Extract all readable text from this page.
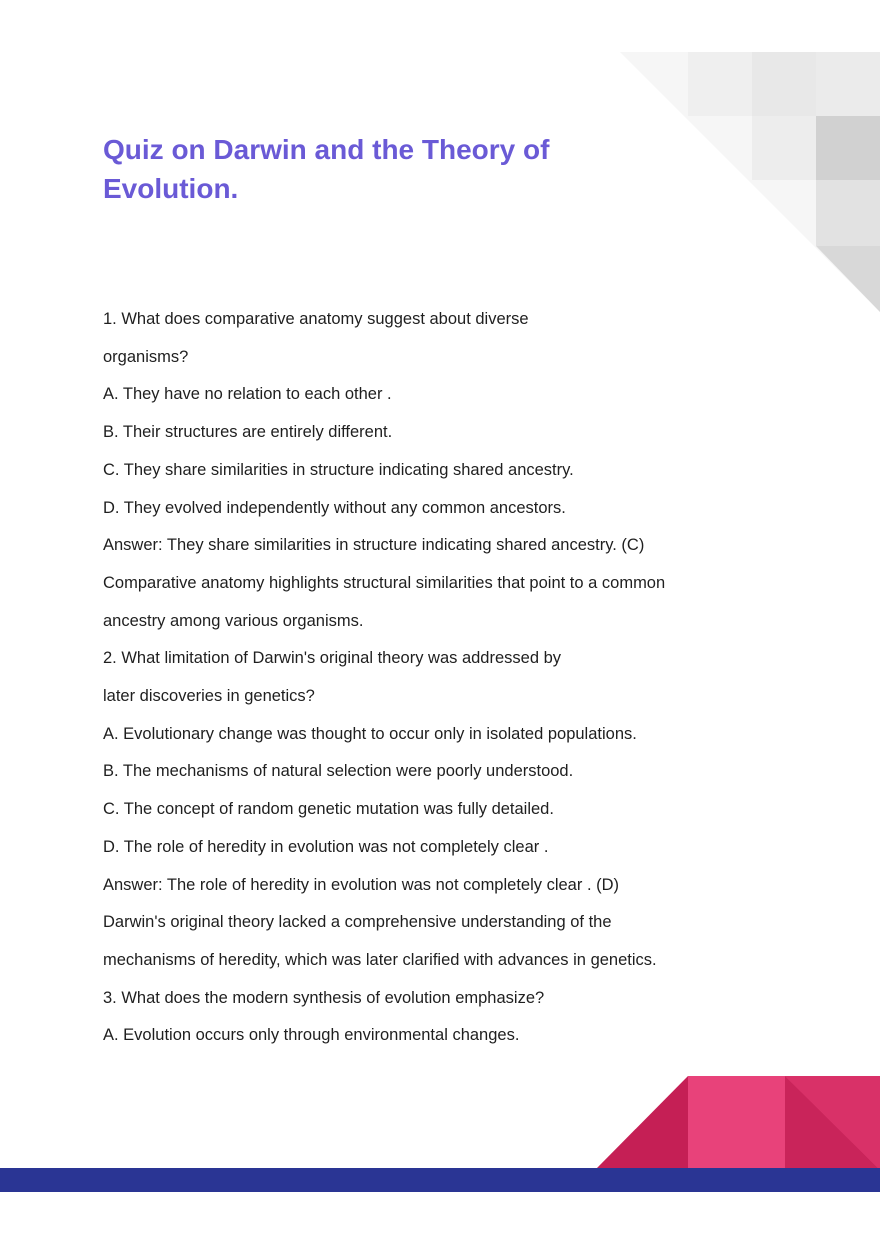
Quiz on Darwin and the Theory of Evolution.
1. What does comparative anatomy suggest about diverse
organisms?
A. They have no relation to each other .
B. Their structures are entirely different.
C. They share similarities in structure indicating shared ancestry.
D. They evolved independently without any common ancestors.
Answer: They share similarities in structure indicating shared ancestry. (C)
Comparative anatomy highlights structural similarities that point to a common
ancestry among various organisms.
2. What limitation of Darwin's original theory was addressed by
later discoveries in genetics?
A. Evolutionary change was thought to occur only in isolated populations.
B. The mechanisms of natural selection were poorly understood.
C. The concept of random genetic mutation was fully detailed.
D. The role of heredity in evolution was not completely clear .
Answer: The role of heredity in evolution was not completely clear . (D)
Darwin's original theory lacked a comprehensive understanding of the
mechanisms of heredity, which was later clarified with advances in genetics.
3. What does the modern synthesis of evolution emphasize?
A. Evolution occurs only through environmental changes.
